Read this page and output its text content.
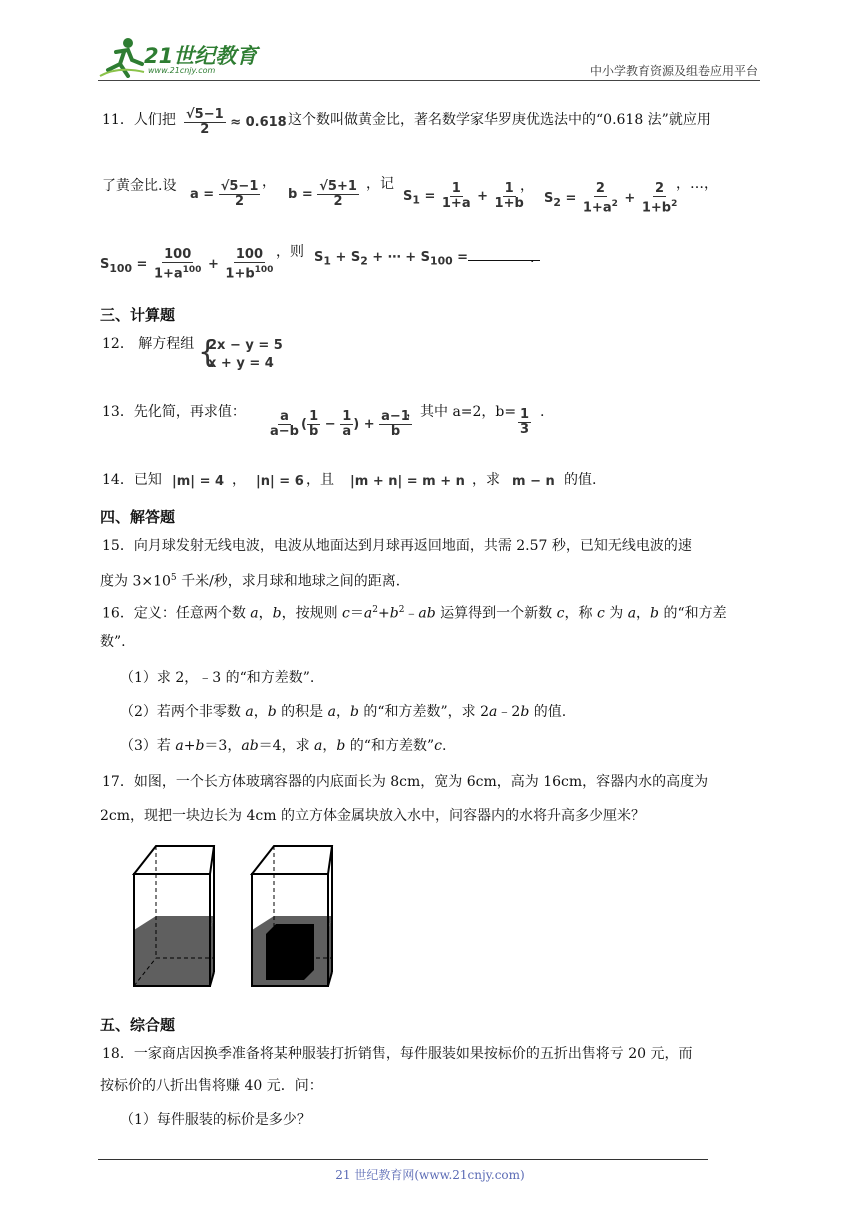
21世纪教育
www.21cnjy.com	中小学教育资源及组卷应用平台
11．人们把 $\frac{√5-1}{2} \approx 0.618$ 这个数叫做黄金比，著名数学家华罗庚优选法中的“0.618 法”就应用
了黄金比.设
$a = \frac{√5-1}{2}$ ，
$b = \frac{√5+1}{2}$ ，记
$S_1 = \frac{1}{1+a} + \frac{1}{1+b}$
，
$S_2 = \frac{2}{1+a^2} + \frac{2}{1+b^2}$
，…，
$S_{100} = \frac{100}{1+a^{100}} + \frac{100}{1+b^{100}}$ ，则 $S_1 + S_2$ + ⋯ + $S_{100}$ =	.
三、计算题
12． 解方程组 {
2x − y = 5
x + y = 4
13．先化简，再求值： $\frac{a}{a-b}$ ( $\frac{1}{b} - \frac{1}{a}$ ) + $\frac{a-1}{b}$
，其中 a=2，$b= \frac{1}{3}$ .
14．已知 |m| = 4 ， |n| = 6 ，且 |m + n| = m + n ，求 m − n 的值.
四、解答题
15．向月球发射无线电波，电波从地面达到月球再返回地面，共需 2.57 秒，已知无线电波的速
度为 $3\times 10^5$ 千米/秒，求月球和地球之间的距离．
16．定义：任意两个数 a，b，按规则 $c=a^2+b^2﹣ab$ 运算得到一个新数 c，称 c 为 a，b 的“和方差
数”.
（1）求 2，﹣3 的“和方差数”.
（2）若两个非零数 a，b 的积是 a，b 的“和方差数”，求 2a﹣2b 的值.
（3）若 a+b＝3，ab＝4，求 a，b 的“和方差数”c.
17．如图，一个长方体玻璃容器的内底面长为 8cm，宽为 6cm，高为 16cm，容器内水的高度为
2cm，现把一块边长为 4cm 的立方体金属块放入水中，问容器内的水将升高多少厘米？
五、综合题
18．一家商店因换季准备将某种服装打折销售，每件服装如果按标价的五折出售将亏 20 元，而
按标价的八折出售将赚 40 元．问：
（1）每件服装的标价是多少？
21 世纪教育网(www.21cnjy.com)
